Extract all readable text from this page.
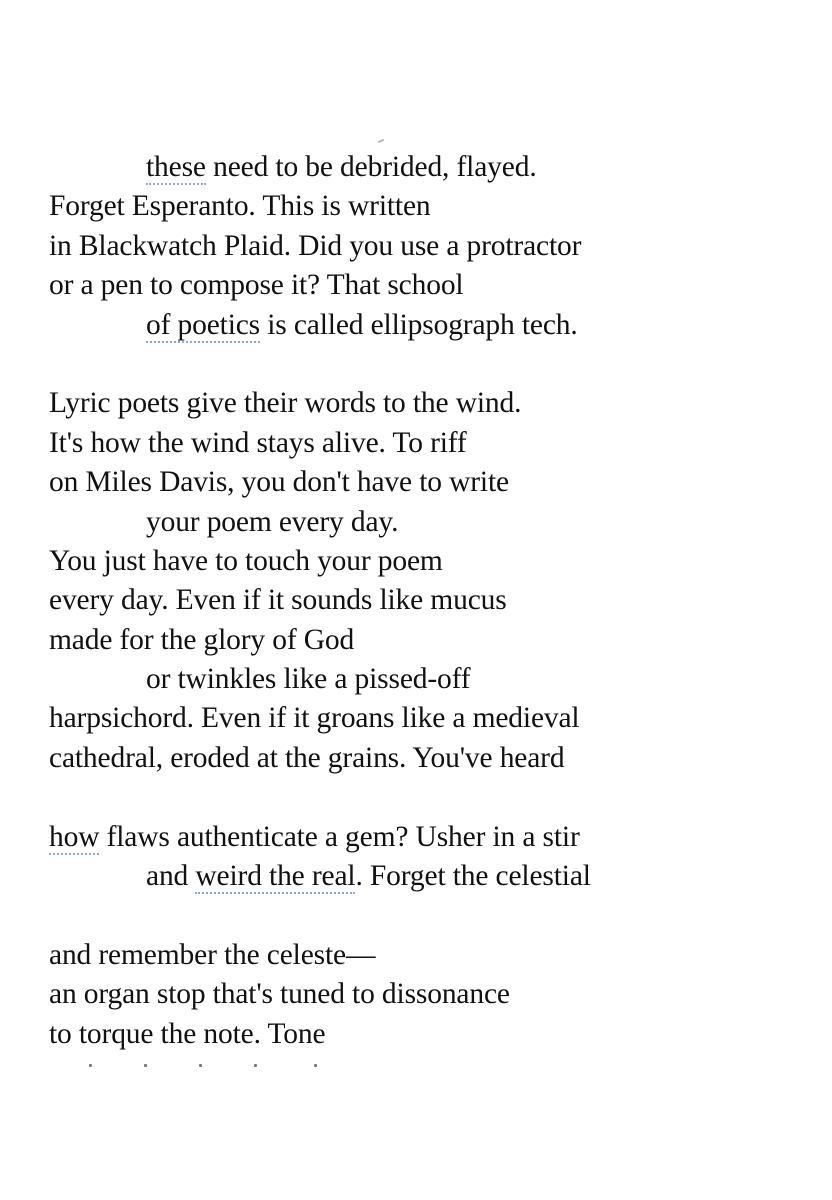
these need to be debrided, flayed.
Forget Esperanto. This is written
in Blackwatch Plaid. Did you use a protractor
or a pen to compose it? That school
of poetics is called ellipsograph tech.
Lyric poets give their words to the wind.
It's how the wind stays alive. To riff
on Miles Davis, you don't have to write
your poem every day.
You just have to touch your poem
every day. Even if it sounds like mucus
made for the glory of God
or twinkles like a pissed-off
harpsichord. Even if it groans like a medieval
cathedral, eroded at the grains. You've heard
how flaws authenticate a gem? Usher in a stir
and weird the real. Forget the celestial
and remember the celeste—
an organ stop that's tuned to dissonance
to torque the note. Tone
